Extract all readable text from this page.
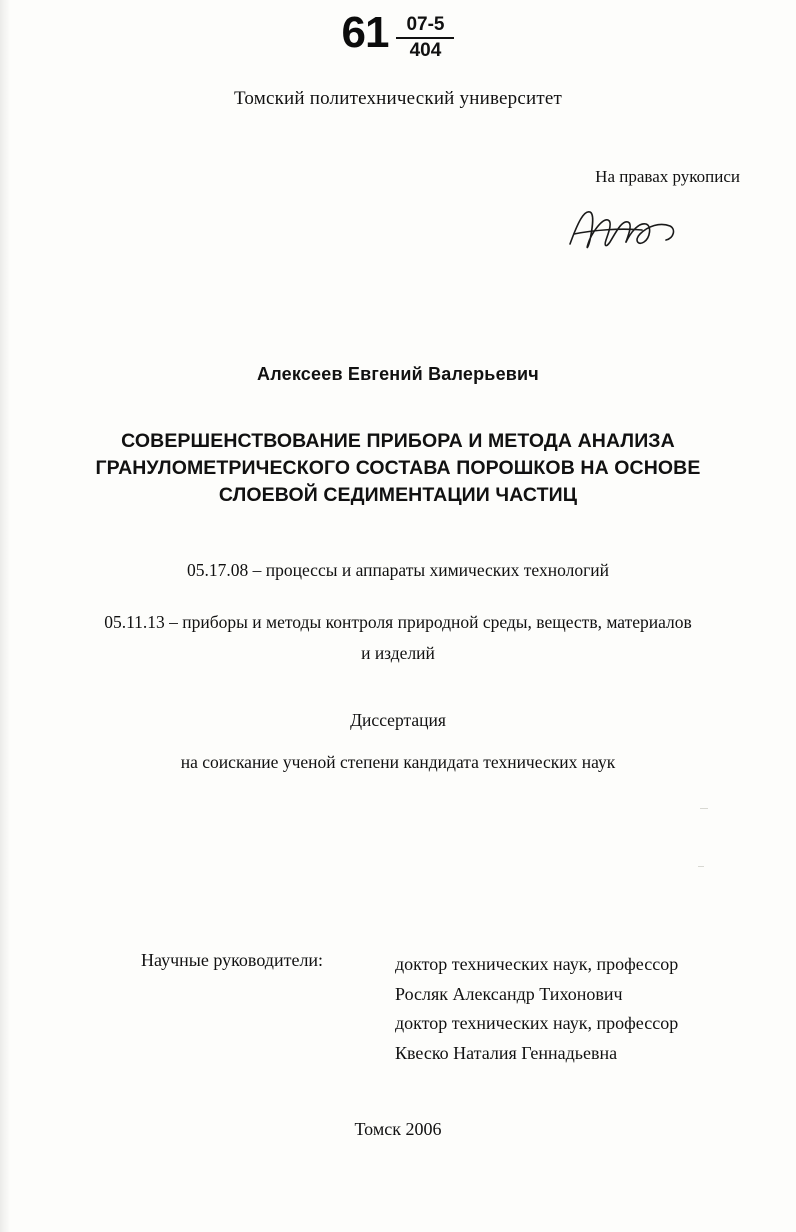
$61 \frac{07-5}{404}$
Томский политехнический университет
На правах рукописи
Алексеев Евгений Валерьевич
СОВЕРШЕНСТВОВАНИЕ ПРИБОРА И МЕТОДА АНАЛИЗА ГРАНУЛОМЕТРИЧЕСКОГО СОСТАВА ПОРОШКОВ НА ОСНОВЕ СЛОЕВОЙ СЕДИМЕНТАЦИИ ЧАСТИЦ
05.17.08 – процессы и аппараты химических технологий
05.11.13 – приборы и методы контроля природной среды, веществ, материалов и изделий
Диссертация
на соискание ученой степени кандидата технических наук
Научные руководители:	доктор технических наук, профессор
Росляк Александр Тихонович
доктор технических наук, профессор
Квеско Наталия Геннадьевна
Томск 2006
